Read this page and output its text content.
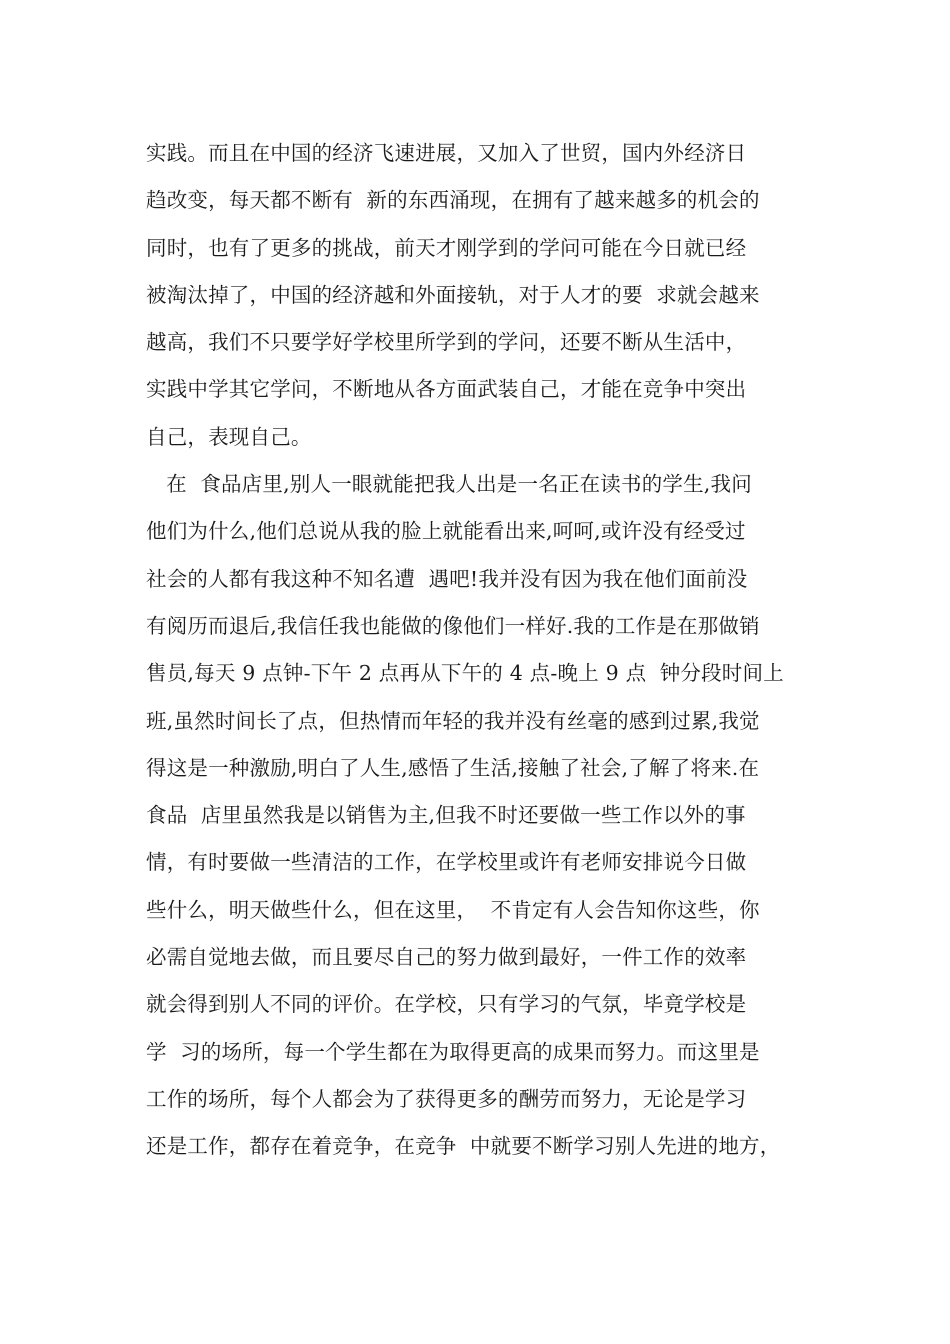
实践。而且在中国的经济飞速进展，又加入了世贸，国内外经济日
趋改变，每天都不断有  新的东西涌现，在拥有了越来越多的机会的
同时，也有了更多的挑战，前天才刚学到的学问可能在今日就已经
被淘汰掉了，中国的经济越和外面接轨，对于人才的要  求就会越来
越高，我们不只要学好学校里所学到的学问，还要不断从生活中，
实践中学其它学问，不断地从各方面武装自己，才能在竞争中突出
自己，表现自己。
在  食品店里,别人一眼就能把我人出是一名正在读书的学生,我问
他们为什么,他们总说从我的脸上就能看出来,呵呵,或许没有经受过
社会的人都有我这种不知名遭  遇吧!我并没有因为我在他们面前没
有阅历而退后,我信任我也能做的像他们一样好.我的工作是在那做销
售员,每天 9 点钟-下午 2 点再从下午的 4 点-晚上 9 点  钟分段时间上
班,虽然时间长了点，但热情而年轻的我并没有丝毫的感到过累,我觉
得这是一种激励,明白了人生,感悟了生活,接触了社会,了解了将来.在
食品  店里虽然我是以销售为主,但我不时还要做一些工作以外的事
情，有时要做一些清洁的工作，在学校里或许有老师安排说今日做
些什么，明天做些什么，但在这里，  不肯定有人会告知你这些，你
必需自觉地去做，而且要尽自己的努力做到最好，一件工作的效率
就会得到别人不同的评价。在学校，只有学习的气氛，毕竟学校是
学  习的场所，每一个学生都在为取得更高的成果而努力。而这里是
工作的场所，每个人都会为了获得更多的酬劳而努力，无论是学习
还是工作，都存在着竞争，在竞争  中就要不断学习别人先进的地方，
